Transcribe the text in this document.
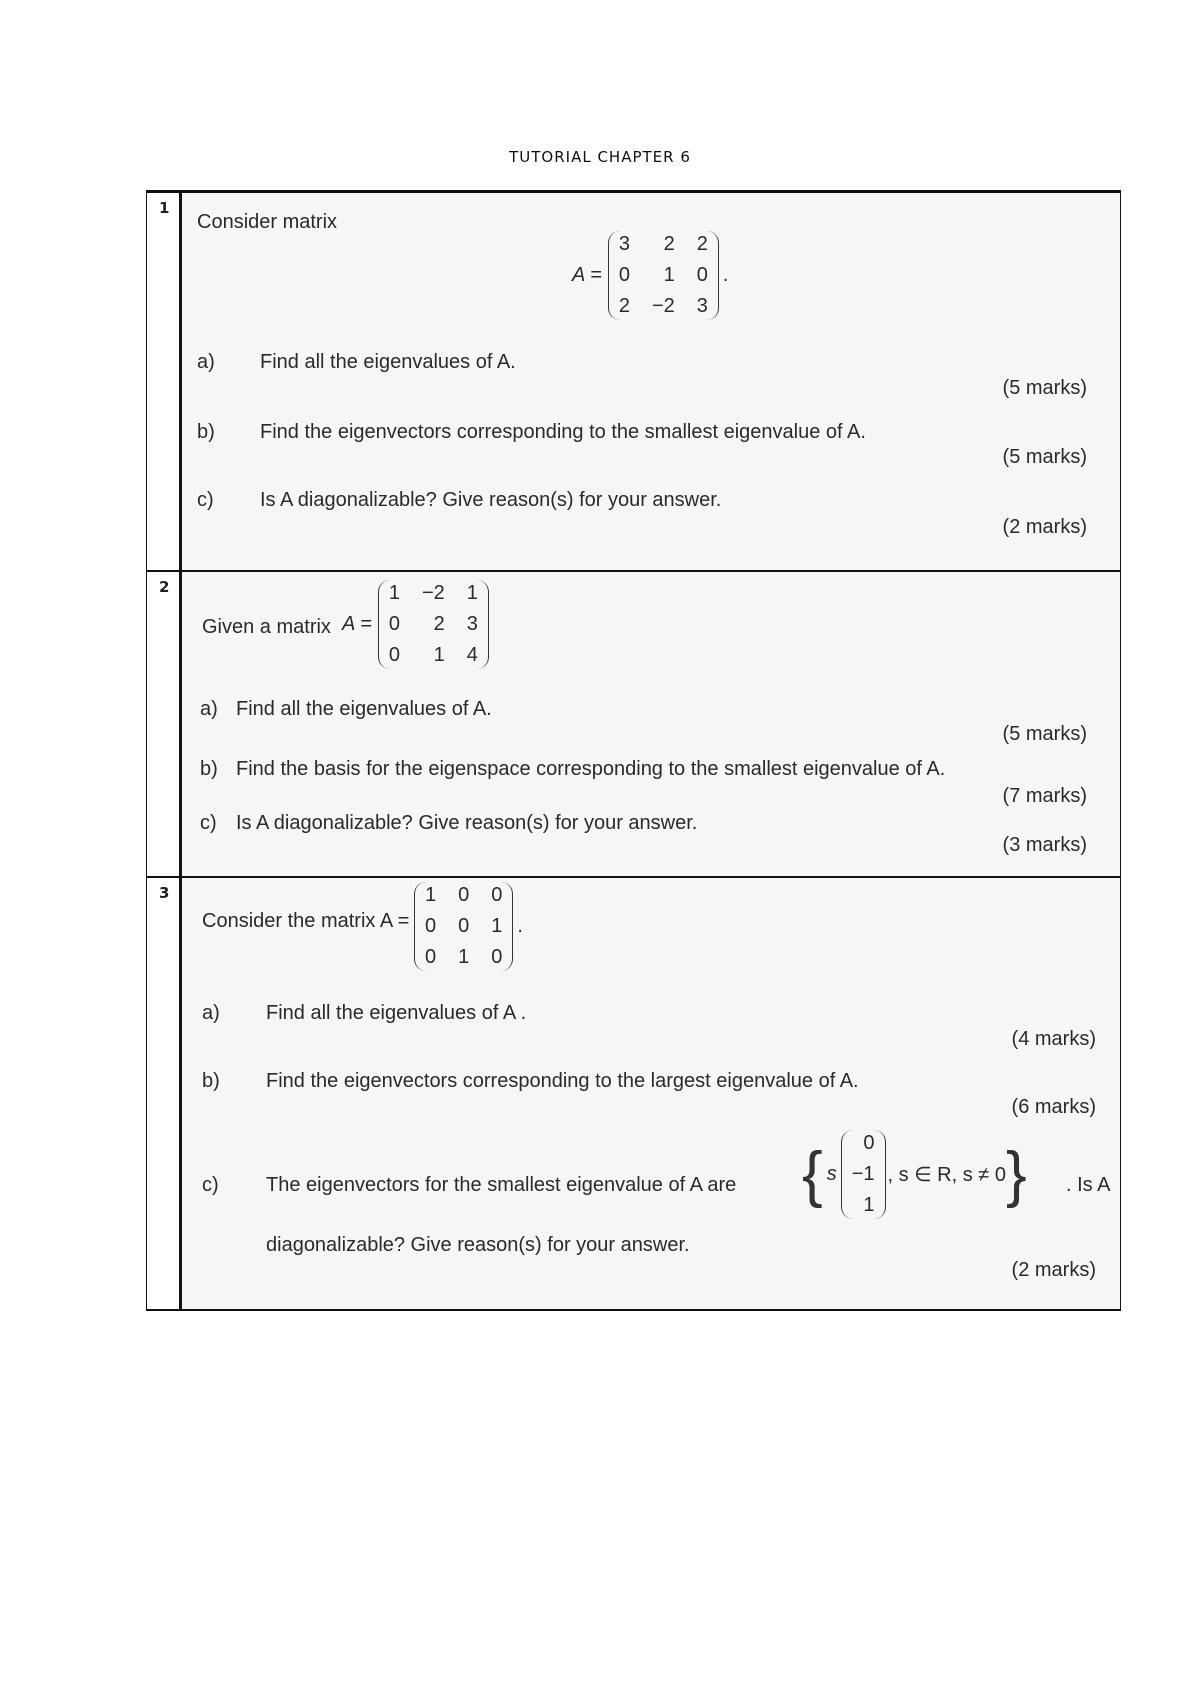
TUTORIAL CHAPTER 6
1
Consider matrix
A =
3	2 2
0	1 0
2 −2 3
.
a) Find all the eigenvalues of A.
(5 marks)
b) Find the eigenvectors corresponding to the smallest eigenvalue of A.
(5 marks)
c) Is A diagonalizable? Give reason(s) for your answer.
(2 marks)
2
Given a matrix A =
1 −2 1
0	2 3
0	1 4
a) Find all the eigenvalues of A.
(5 marks)
b) Find the basis for the eigenspace corresponding to the smallest eigenvalue of A.
(7 marks)
c) Is A diagonalizable? Give reason(s) for your answer.
(3 marks)
3
Consider the matrix A =
1 0 0
0 0 1
0 1 0
.
a) Find all the eigenvalues of A .
(4 marks)
b) Find the eigenvectors corresponding to the largest eigenvalue of A.
(6 marks)
c) The eigenvectors for the smallest eigenvalue of A are { s
0
−1
1
, s ∈ R, s ≠ 0 } . Is A
diagonalizable? Give reason(s) for your answer.
(2 marks)
